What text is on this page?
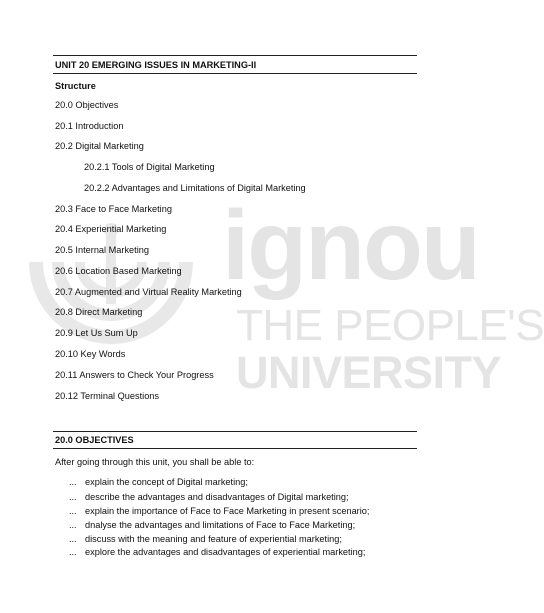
ignou
THE PEOPLE'S
UNIVERSITY
UNIT 20 EMERGING ISSUES IN MARKETING-II
Structure
20.0 Objectives
20.1 Introduction
20.2 Digital Marketing
20.2.1 Tools of Digital Marketing
20.2.2 Advantages and Limitations of Digital Marketing
20.3 Face to Face Marketing
20.4 Experiential Marketing
20.5 Internal Marketing
20.6 Location Based Marketing
20.7 Augmented and Virtual Reality Marketing
20.8 Direct Marketing
20.9 Let Us Sum Up
20.10 Key Words
20.11 Answers to Check Your Progress
20.12 Terminal Questions
20.0 OBJECTIVES
After going through this unit, you shall be able to:
... explain the concept of Digital marketing;
... describe the advantages and disadvantages of Digital marketing;
... explain the importance of Face to Face Marketing in present scenario;
... dnalyse the advantages and limitations of Face to Face Marketing;
... discuss with the meaning and feature of experiential marketing;
... explore the advantages and disadvantages of experiential marketing;
